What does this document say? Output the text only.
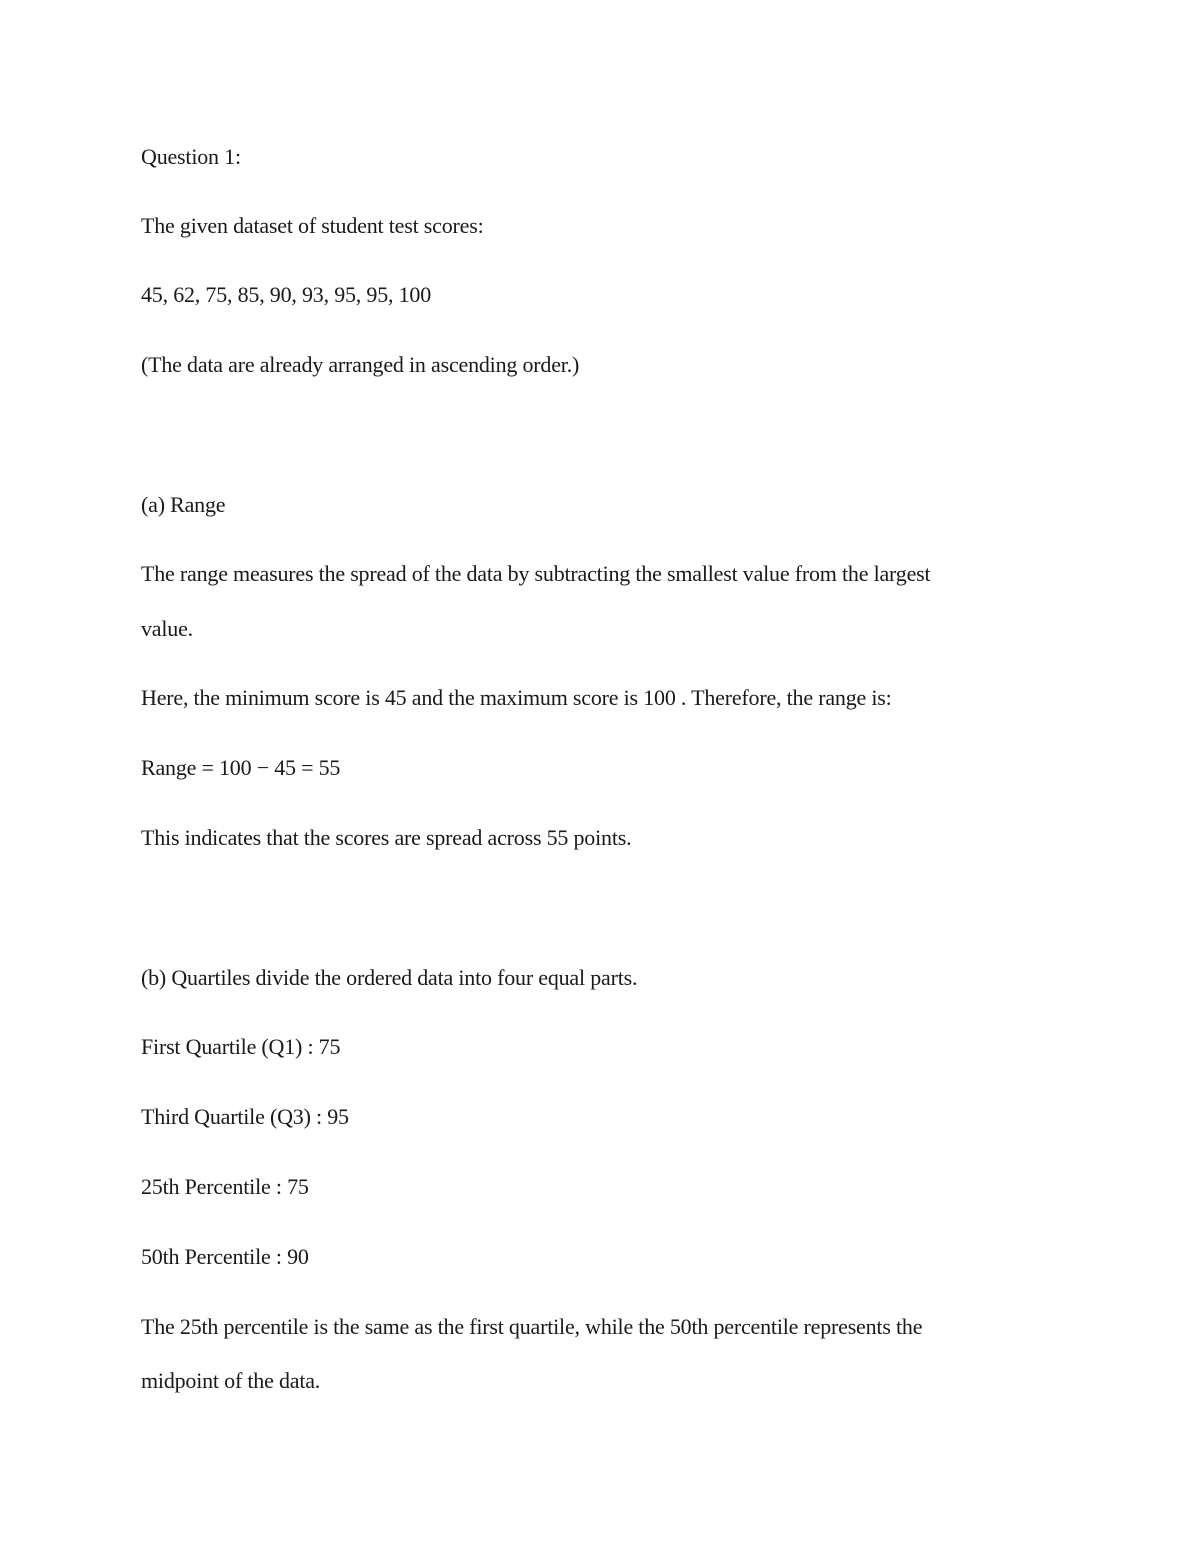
Question 1:
The given dataset of student test scores:
45, 62, 75, 85, 90, 93, 95, 95, 100
(The data are already arranged in ascending order.)
(a) Range
The range measures the spread of the data by subtracting the smallest value from the largest
value.
Here, the minimum score is 45 and the maximum score is 100 . Therefore, the range is:
Range = 100 − 45 = 55
This indicates that the scores are spread across 55 points.
(b) Quartiles divide the ordered data into four equal parts.
First Quartile (Q1) : 75
Third Quartile (Q3) : 95
25th Percentile : 75
50th Percentile : 90
The 25th percentile is the same as the first quartile, while the 50th percentile represents the
midpoint of the data.
